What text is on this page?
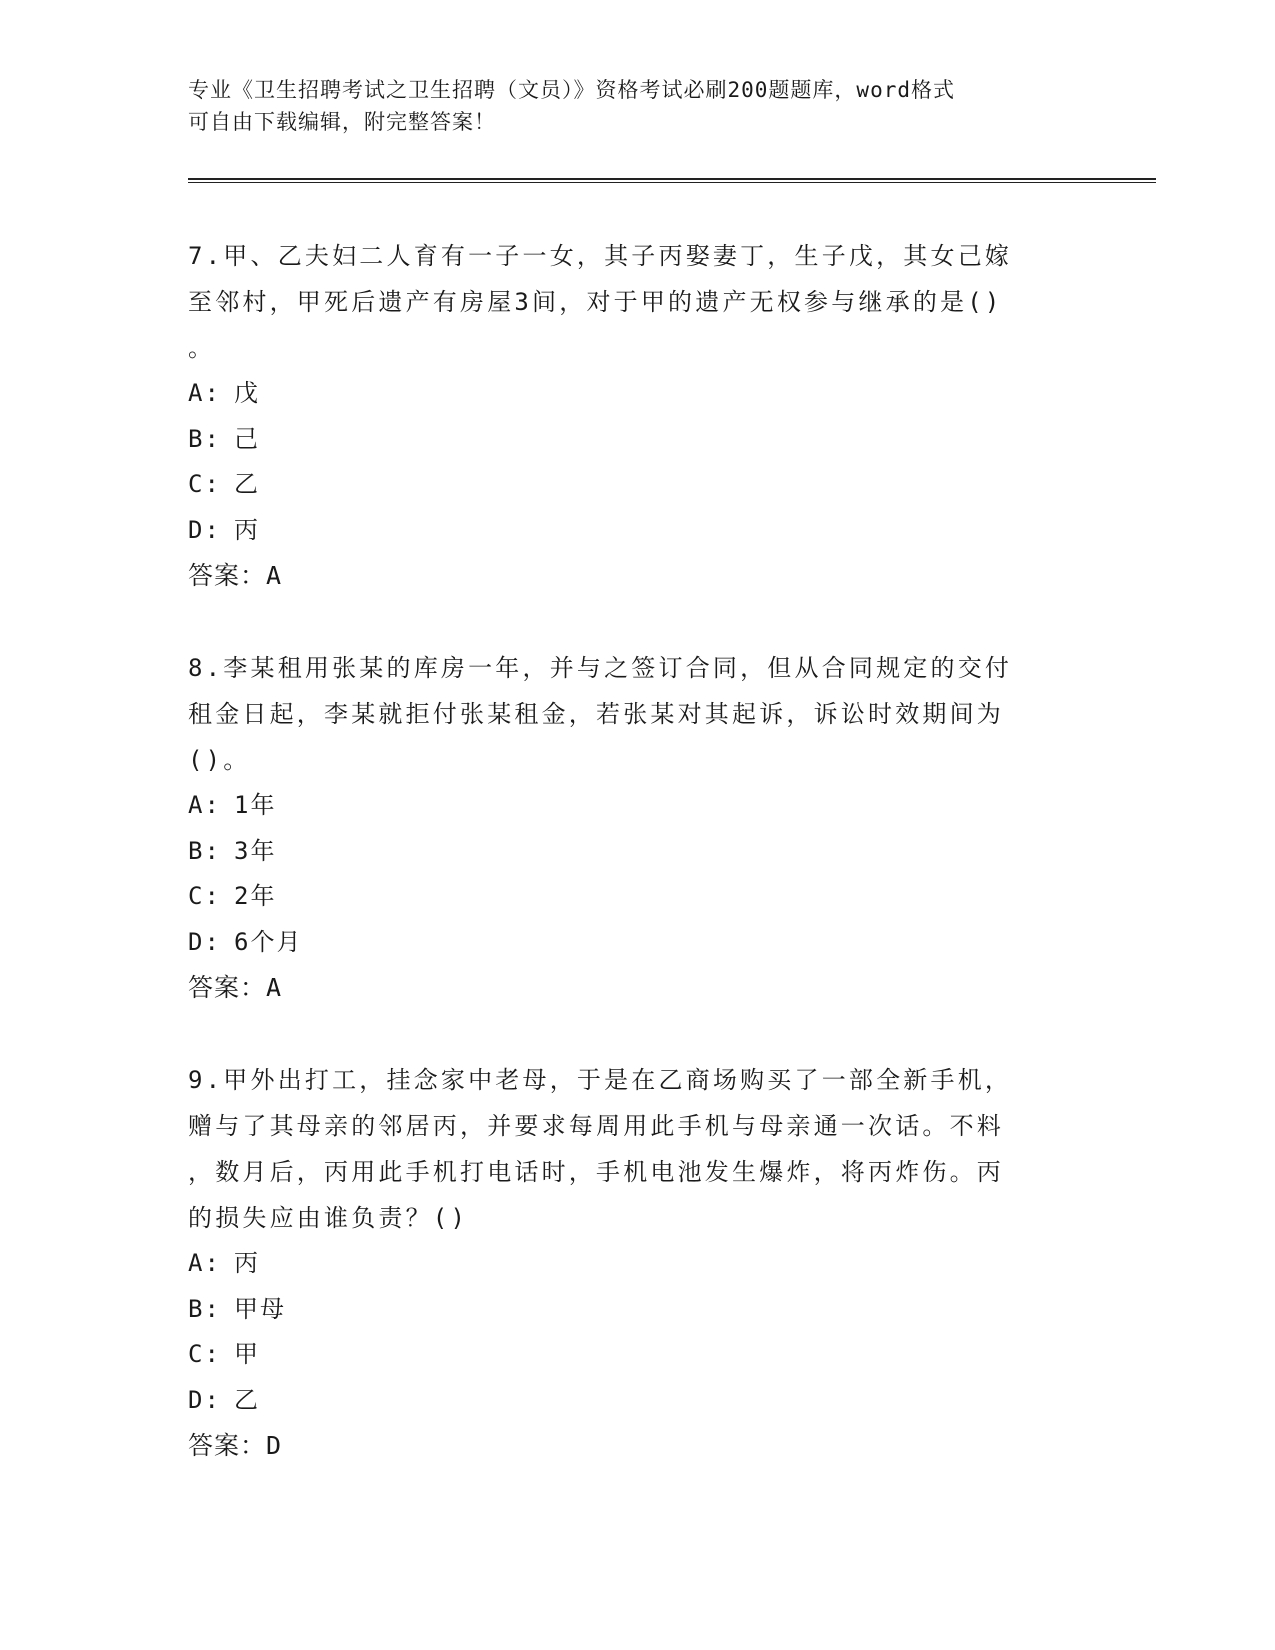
专业《卫生招聘考试之卫生招聘（文员）》资格考试必刷200题题库，word格式
可自由下载编辑，附完整答案！

7.甲、乙夫妇二人育有一子一女，其子丙娶妻丁，生子戊，其女己嫁

至邻村，甲死后遗产有房屋3间，对于甲的遗产无权参与继承的是()

。

A: 戊

B: 己

C: 乙

D: 丙

答案：A

8.李某租用张某的库房一年，并与之签订合同，但从合同规定的交付

租金日起，李某就拒付张某租金，若张某对其起诉，诉讼时效期间为

()。

A: 1年

B: 3年

C: 2年

D: 6个月

答案：A

9.甲外出打工，挂念家中老母，于是在乙商场购买了一部全新手机，

赠与了其母亲的邻居丙，并要求每周用此手机与母亲通一次话。不料

，数月后，丙用此手机打电话时，手机电池发生爆炸，将丙炸伤。丙

的损失应由谁负责？()

A: 丙

B: 甲母

C: 甲

D: 乙

答案：D
